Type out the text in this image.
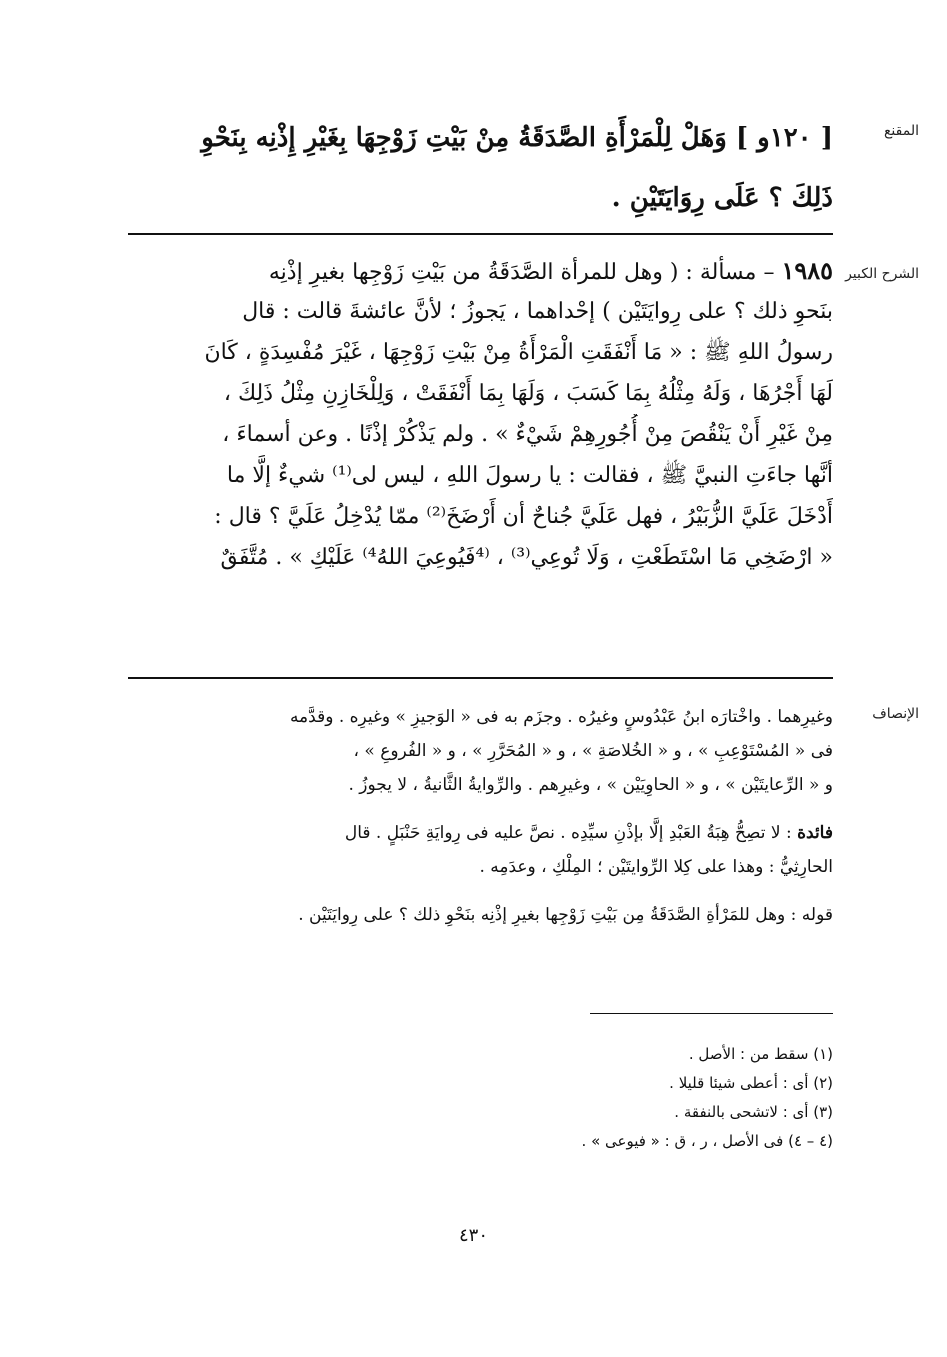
المقنع
[ ١٢٠و ] وَهَلْ لِلْمَرْأَةِ الصَّدَقَةُ مِنْ بَيْتِ زَوْجِهَا بِغَيْرِ إِذْنِه بِنَحْوِ
ذَلِكَ ؟ عَلَى رِوَايَتَيْنِ .
الشرح الكبير
١٩٨٥ – مسألة : ( وهل للمرأة الصَّدَقَةُ من بَيْتِ زَوْجِها بغيرِ إذْنِه
بنَحوِ ذلك ؟ على رِوايَتَيْن ) إحْداهما ، يَجوزُ ؛ لأنَّ عائشةَ قالت : قال
رسولُ اللهِ ﷺ : « مَا أَنْفَقَتِ الْمَرْأَةُ مِنْ بَيْتِ زَوْجِهَا ، غَيْرَ مُفْسِدَةٍ ، كَانَ
لَهَا أَجْرُهَا ، وَلَهُ مِثْلُهُ بِمَا كَسَبَ ، وَلَهَا بِمَا أَنْفَقَتْ ، وَلِلْخَازِنِ مِثْلُ ذَلِكَ ،
مِنْ غَيْرِ أَنْ يَنْقُصَ مِنْ أُجُورِهِمْ شَيْءٌ » . ولم يَذْكُرْ إذْنًا . وعن أسماءَ ،
أنَّها جاءَتِ النبيَّ ﷺ ، فقالت : يا رسولَ اللهِ ، ليس لى⁽¹⁾ شيءٌ إلَّا ما
أَدْخَلَ عَلَيَّ الزُّبَيْرُ ، فهل عَلَيَّ جُناحٌ أن أَرْضَخَ⁽²⁾ ممّا يُدْخِلُ عَلَيَّ ؟ قال :
« ارْضَخِي مَا اسْتَطَعْتِ ، وَلَا تُوعِي⁽³⁾ ، ⁽⁴فَيُوعِيَ اللهُ⁴⁾ عَلَيْكِ » . مُتَّفَقٌ
الإنصاف
وغيرِهما . واخْتارَه ابنُ عَبْدُوسٍ وغيرُه . وجزَم به فى « الوَجيزِ » وغيرِه . وقدَّمه
فى « المُسْتَوْعِبِ » ، و « الخُلاصَةِ » ، و « المُحَرَّرِ » ، و « الفُروعِ » ،
و « الرِّعايتَيْن » ، و « الحاوِيَيْن » ، وغيرِهم . والرِّوايةُ الثَّانيةُ ، لا يجوزُ .
فائدة : لا تصِحُّ هِبَةُ العَبْدِ إلَّا بإذْنِ سيِّدِه . نصَّ عليه فى رِوايَةِ حَنْبَلٍ . قال
الحارِثِيُّ : وهذا على كِلا الرِّوايتَيْن ؛ المِلْكِ ، وعدَمِه .
قوله : وهل للمَرْأةِ الصَّدَقَةُ مِن بَيْتِ زَوْجِها بغيرِ إذْنِه بنَحْوِ ذلك ؟ على رِوايَتَيْن .
(١) سقط من : الأصل .
(٢) أى : أعطى شيئا قليلا .
(٣) أى : لاتشحى بالنفقة .
(٤ – ٤) فى الأصل ، ر ، ق : « فيوعى » .
٤٣٠
